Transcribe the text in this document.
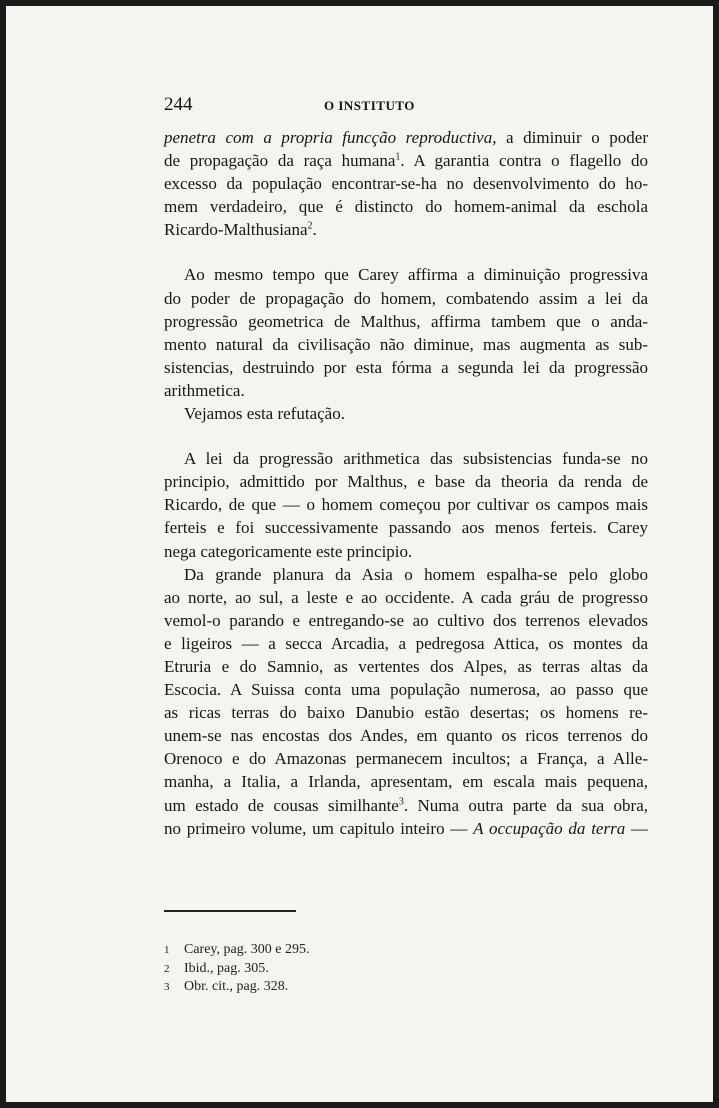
244	O INSTITUTO
penetra com a propria funcção reproductiva, a diminuir o poder
de propagação da raça humana$^1$. A garantia contra o flagello do
excesso da população encontrar-se-ha no desenvolvimento do ho-
mem verdadeiro, que é distincto do homem-animal da eschola
Ricardo-Malthusiana$^2$.
Ao mesmo tempo que Carey affirma a diminuição progressiva
do poder de propagação do homem, combatendo assim a lei da
progressão geometrica de Malthus, affirma tambem que o anda-
mento natural da civilisação não diminue, mas augmenta as sub-
sistencias, destruindo por esta fórma a segunda lei da progressão
arithmetica.
Vejamos esta refutação.
A lei da progressão arithmetica das subsistencias funda-se no
principio, admittido por Malthus, e base da theoria da renda de
Ricardo, de que — o homem começou por cultivar os campos mais
ferteis e foi successivamente passando aos menos ferteis. Carey
nega categoricamente este principio.
Da grande planura da Asia o homem espalha-se pelo globo
ao norte, ao sul, a leste e ao occidente. A cada gráu de progresso
vemol-o parando e entregando-se ao cultivo dos terrenos elevados
e ligeiros — a secca Arcadia, a pedregosa Attica, os montes da
Etruria e do Samnio, as vertentes dos Alpes, as terras altas da
Escocia. A Suissa conta uma população numerosa, ao passo que
as ricas terras do baixo Danubio estão desertas; os homens re-
unem-se nas encostas dos Andes, em quanto os ricos terrenos do
Orenoco e do Amazonas permanecem incultos; a França, a Alle-
manha, a Italia, a Irlanda, apresentam, em escala mais pequena,
um estado de cousas similhante$^3$. Numa outra parte da sua obra,
no primeiro volume, um capitulo inteiro — A occupação da terra —
1 Carey, pag. 300 e 295.
2 Ibid., pag. 305.
3 Obr. cit., pag. 328.
